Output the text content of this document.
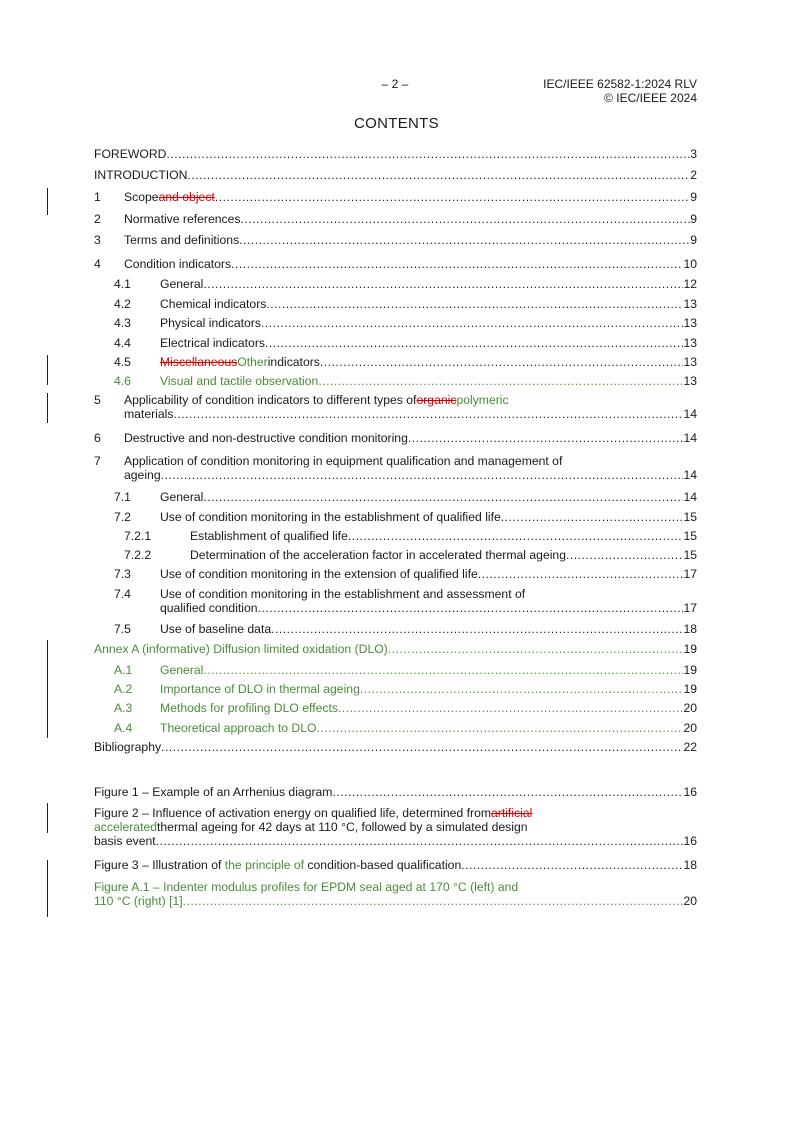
– 2 –	IEC/IEEE 62582-1:2024 RLV
© IEC/IEEE 2024
CONTENTS
FOREWORD .....	3
INTRODUCTION .....	2
1	Scope and object .....	9
2	Normative references .....	9
3	Terms and definitions .....	9
4	Condition indicators .....	10
4.1	General .....	12
4.2	Chemical indicators .....	13
4.3	Physical indicators .....	13
4.4	Electrical indicators .....	13
4.5	Miscellaneous Other indicators .....	13
4.6	Visual and tactile observation .....	13
5	Applicability of condition indicators to different types of organic polymeric
materials .....	14
6	Destructive and non-destructive condition monitoring .....	14
7	Application of condition monitoring in equipment qualification and management of
ageing .....	14
7.1	General .....	14
7.2	Use of condition monitoring in the establishment of qualified life .....	15
7.2.1	Establishment of qualified life .....	15
7.2.2	Determination of the acceleration factor in accelerated thermal ageing .....	15
7.3	Use of condition monitoring in the extension of qualified life .....	17
7.4	Use of condition monitoring in the establishment and assessment of
qualified condition .....	17
7.5	Use of baseline data .....	18
Annex A (informative) Diffusion limited oxidation (DLO) .....	19
A.1	General .....	19
A.2	Importance of DLO in thermal ageing .....	19
A.3	Methods for profiling DLO effects .....	20
A.4	Theoretical approach to DLO .....	20
Bibliography .....	22
Figure 1 – Example of an Arrhenius diagram .....	16
Figure 2 – Influence of activation energy on qualified life, determined from artificial
accelerated thermal ageing for 42 days at 110 °C, followed by a simulated design
basis event .....	16
Figure 3 – Illustration of the principle of condition-based qualification .....	18
Figure A.1 – Indenter modulus profiles for EPDM seal aged at 170 °C (left) and
110 °C (right) [1] .....	20
